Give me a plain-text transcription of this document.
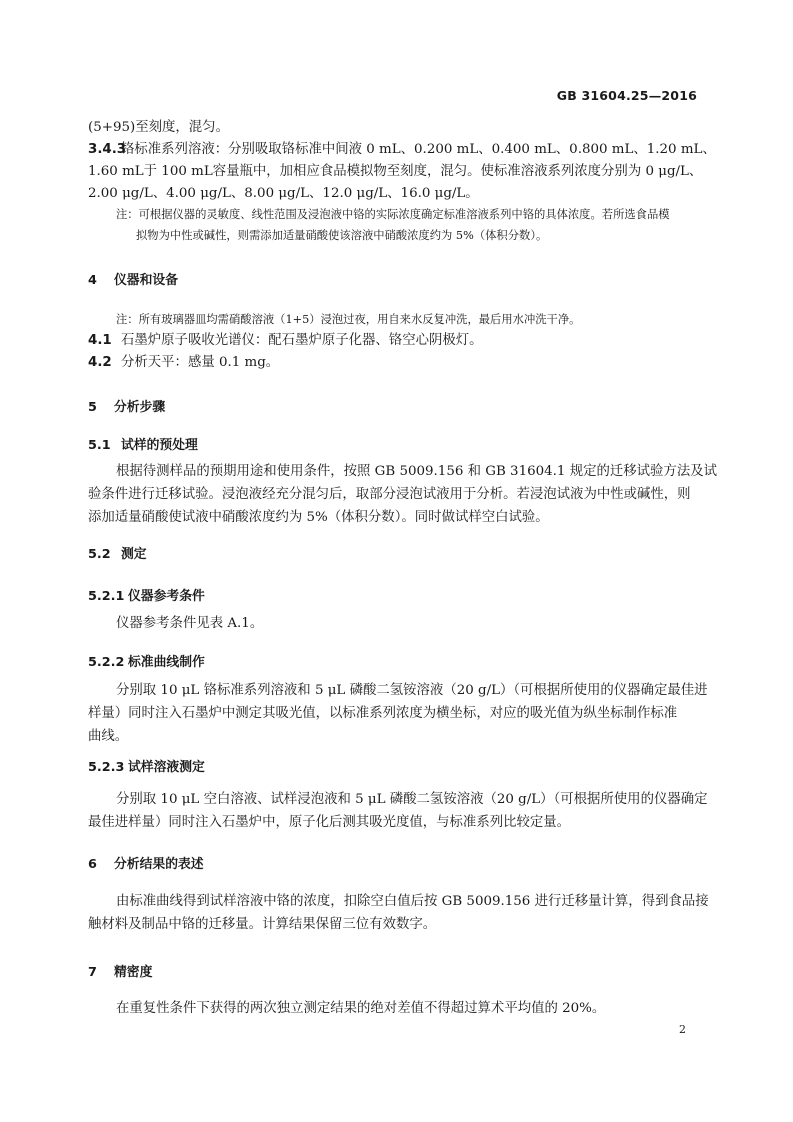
GB 31604.25—2016
(5+95)至刻度，混匀。
3.4.3铬标准系列溶液：分别吸取铬标准中间液 0 mL、0.200 mL、0.400 mL、0.800 mL、1.20 mL、
1.60 mL于 100 mL容量瓶中，加相应食品模拟物至刻度，混匀。使标准溶液系列浓度分别为 0 μg/L、
2.00 μg/L、4.00 μg/L、8.00 μg/L、12.0 μg/L、16.0 μg/L。
注：可根据仪器的灵敏度、线性范围及浸泡液中铬的实际浓度确定标准溶液系列中铬的具体浓度。若所选食品模
拟物为中性或碱性，则需添加适量硝酸使该溶液中硝酸浓度约为 5%（体积分数）。
4 仪器和设备
注：所有玻璃器皿均需硝酸溶液（1+5）浸泡过夜，用自来水反复冲洗，最后用水冲洗干净。
4.1 石墨炉原子吸收光谱仪：配石墨炉原子化器、铬空心阴极灯。
4.2 分析天平：感量 0.1 mg。
5 分析步骤
5.1 试样的预处理
根据待测样品的预期用途和使用条件，按照 GB 5009.156 和 GB 31604.1 规定的迁移试验方法及试
验条件进行迁移试验。浸泡液经充分混匀后，取部分浸泡试液用于分析。若浸泡试液为中性或碱性，则
添加适量硝酸使试液中硝酸浓度约为 5%（体积分数）。同时做试样空白试验。
5.2 测定
5.2.1 仪器参考条件
仪器参考条件见表 A.1。
5.2.2 标准曲线制作
分别取 10 μL 铬标准系列溶液和 5 μL 磷酸二氢铵溶液（20 g/L）（可根据所使用的仪器确定最佳进
样量）同时注入石墨炉中测定其吸光值，以标准系列浓度为横坐标，对应的吸光值为纵坐标制作标准
曲线。
5.2.3 试样溶液测定
分别取 10 μL 空白溶液、试样浸泡液和 5 μL 磷酸二氢铵溶液（20 g/L）（可根据所使用的仪器确定
最佳进样量）同时注入石墨炉中，原子化后测其吸光度值，与标准系列比较定量。
6 分析结果的表述
由标准曲线得到试样溶液中铬的浓度，扣除空白值后按 GB 5009.156 进行迁移量计算，得到食品接
触材料及制品中铬的迁移量。计算结果保留三位有效数字。
7 精密度
在重复性条件下获得的两次独立测定结果的绝对差值不得超过算术平均值的 20%。
2
